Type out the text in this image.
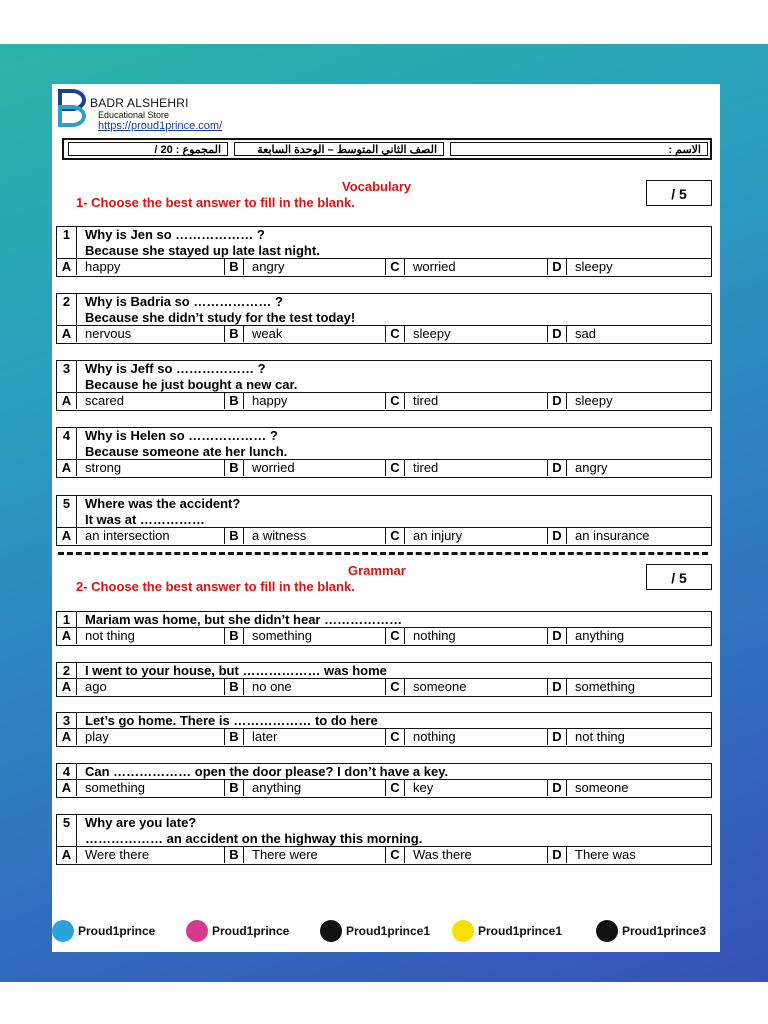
BADR ALSHEHRI
Educational Store
https://proud1prince.com/
المجموع : 20 /	الصف الثاني المتوسط – الوحدة السابعة	الاسم :
Vocabulary
1- Choose the best answer to fill in the blank.
/ 5
1	Why is Jen so ……………… ?
Because she stayed up late last night.
A	happy	B	angry	C	worried	D	sleepy
2	Why is Badria so ……………… ?
Because she didn’t study for the test today!
A	nervous	B	weak	C	sleepy	D	sad
3	Why is Jeff so ……………… ?
Because he just bought a new car.
A	scared	B	happy	C	tired	D	sleepy
4	Why is Helen so ……………… ?
Because someone ate her lunch.
A	strong	B	worried	C	tired	D	angry
5	Where was the accident?
It was at ……………
A	an intersection	B	a witness	C	an injury	D	an insurance
Grammar
2- Choose the best answer to fill in the blank.
/ 5
1	Mariam was home, but she didn’t hear ………………
A	not thing	B	something	C	nothing	D	anything
2	I went to your house, but ……………… was home
A	ago	B	no one	C	someone	D	something
3	Let’s go home. There is ……………… to do here
A	play	B	later	C	nothing	D	not thing
4	Can ……………… open the door please? I don’t have a key.
A	something	B	anything	C	key	D	someone
5	Why are you late?
……………… an accident on the highway this morning.
A	Were there	B	There were	C	Was there	D	There was
Proud1prince	Proud1prince	Proud1prince1	Proud1prince1	Proud1prince3
